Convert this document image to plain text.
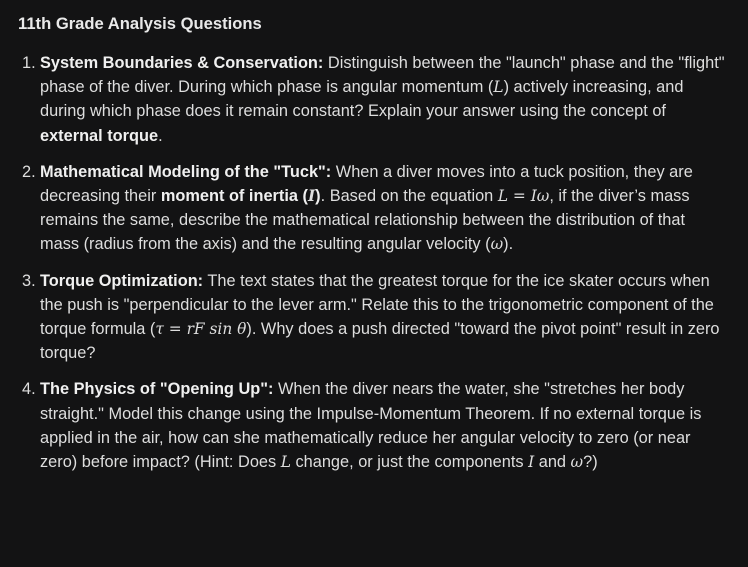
11th Grade Analysis Questions
1. System Boundaries & Conservation: Distinguish between the "launch" phase and the "flight" phase of the diver. During which phase is angular momentum (L) actively increasing, and during which phase does it remain constant? Explain your answer using the concept of external torque.
2. Mathematical Modeling of the "Tuck": When a diver moves into a tuck position, they are decreasing their moment of inertia (I). Based on the equation L = Iω, if the diver’s mass remains the same, describe the mathematical relationship between the distribution of that mass (radius from the axis) and the resulting angular velocity (ω).
3. Torque Optimization: The text states that the greatest torque for the ice skater occurs when the push is "perpendicular to the lever arm." Relate this to the trigonometric component of the torque formula (τ = rF sin θ). Why does a push directed "toward the pivot point" result in zero torque?
4. The Physics of "Opening Up": When the diver nears the water, she "stretches her body straight." Model this change using the Impulse-Momentum Theorem. If no external torque is applied in the air, how can she mathematically reduce her angular velocity to zero (or near zero) before impact? (Hint: Does L change, or just the components I and ω?)
